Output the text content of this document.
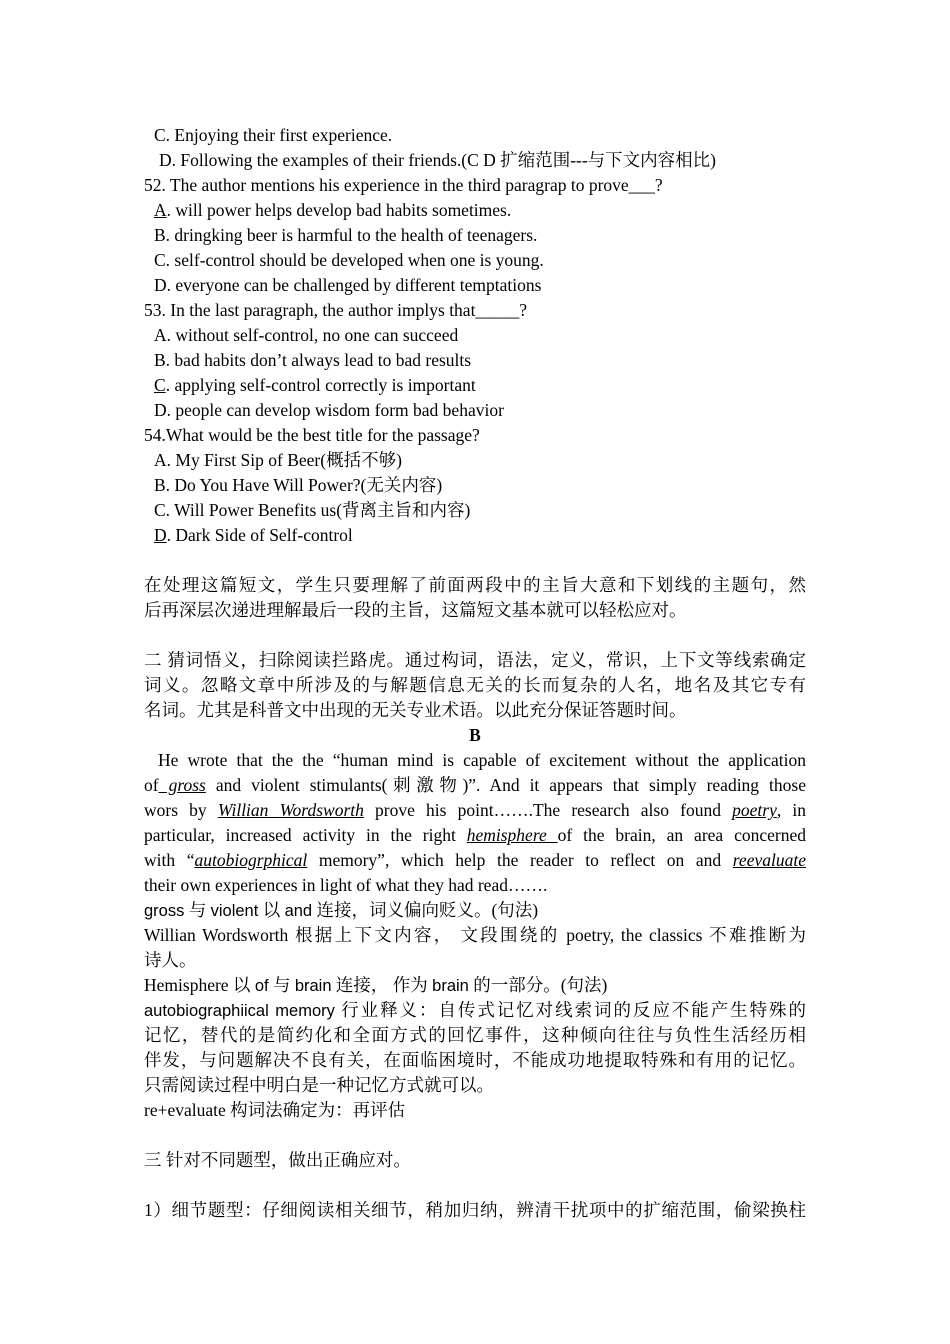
C. Enjoying their first experience.
D. Following the examples of their friends.(C D 扩缩范围---与下文内容相比)
52. The author mentions his experience in the third paragrap to prove___?
A. will power helps develop bad habits sometimes.
B. dringking beer is harmful to the health of teenagers.
C. self-control should be developed when one is young.
D. everyone can be challenged by different temptations
53. In the last paragraph, the author implys that_____?
A. without self-control, no one can succeed
B. bad habits don’t always lead to bad results
C. applying self-control correctly is important
D. people can develop wisdom form bad behavior
54.What would be the best title for the passage?
A. My First Sip of Beer(概括不够)
B. Do You Have Will Power?(无关内容)
C. Will Power Benefits us(背离主旨和内容)
D. Dark Side of Self-control
在处理这篇短文，学生只要理解了前面两段中的主旨大意和下划线的主题句，然
后再深层次递进理解最后一段的主旨，这篇短文基本就可以轻松应对。
二 猜词悟义，扫除阅读拦路虎。通过构词，语法，定义，常识，上下文等线索确定
词义。忽略文章中所涉及的与解题信息无关的长而复杂的人名，地名及其它专有
名词。尤其是科普文中出现的无关专业术语。以此充分保证答题时间。
B
He wrote that the the “human mind is capable of excitement without the application
of gross and violent stimulants(刺激物)”. And it appears that simply reading those
wors by Willian Wordsworth prove his point…….The research also found poetry, in
particular, increased activity in the right hemisphere of the brain, an area concerned
with “autobiogrphical memory”, which help the reader to reflect on and reevaluate
their own experiences in light of what they had read…….
gross 与 violent 以 and 连接，词义偏向贬义。(句法)
Willian Wordsworth 根据上下文内容， 文段围绕的 poetry, the classics 不难推断为
诗人。
Hemisphere 以 of 与 brain 连接， 作为 brain 的一部分。(句法)
autobiographiical memory 行业释义：自传式记忆对线索词的反应不能产生特殊的
记忆，替代的是简约化和全面方式的回忆事件，这种倾向往往与负性生活经历相
伴发，与问题解决不良有关，在面临困境时，不能成功地提取特殊和有用的记忆。
只需阅读过程中明白是一种记忆方式就可以。
re+evaluate 构词法确定为：再评估
三 针对不同题型，做出正确应对。
1）细节题型：仔细阅读相关细节，稍加归纳，辨清干扰项中的扩缩范围，偷梁换柱
